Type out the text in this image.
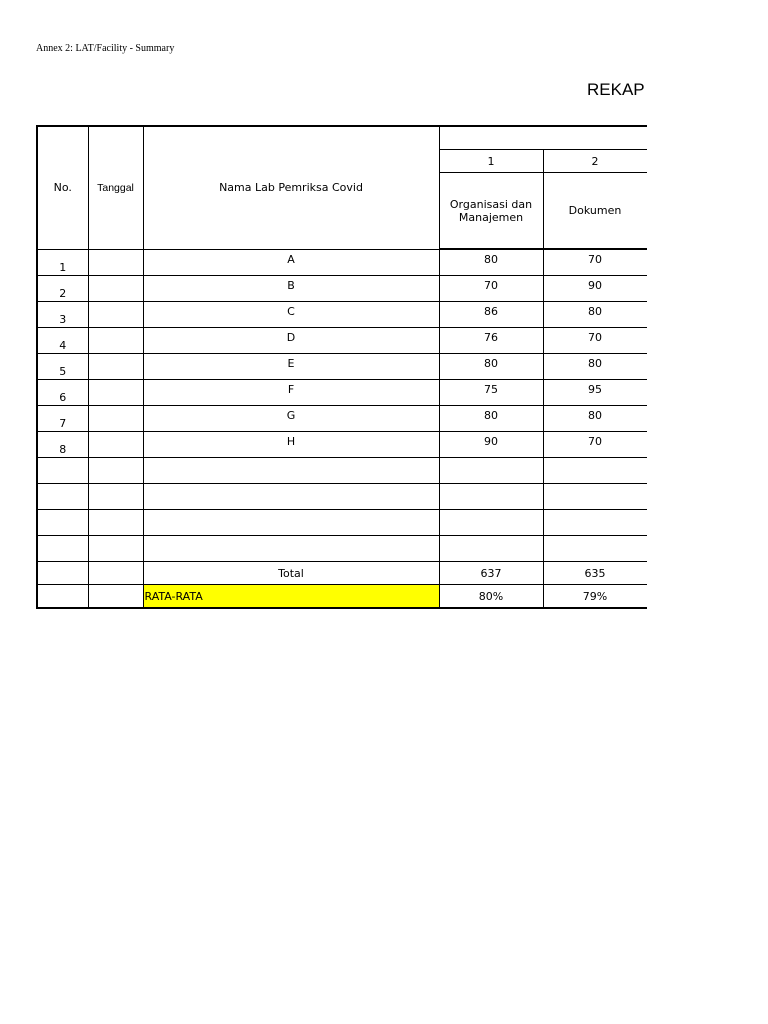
Annex 2: LAT/Facility - Summary
REKAP
No.	Tanggal	Nama Lab Pemriksa Covid			
			1	2	
			Organisasi dan Manajemen	Dokumen	
1		A	80	70	
2		B	70	90	
3		C	86	80	
4		D	76	70	
5		E	80	80	
6		F	75	95	
7		G	80	80	
8		H	90	70	

		Total	637	635	
		RATA-RATA	80%	79%	
